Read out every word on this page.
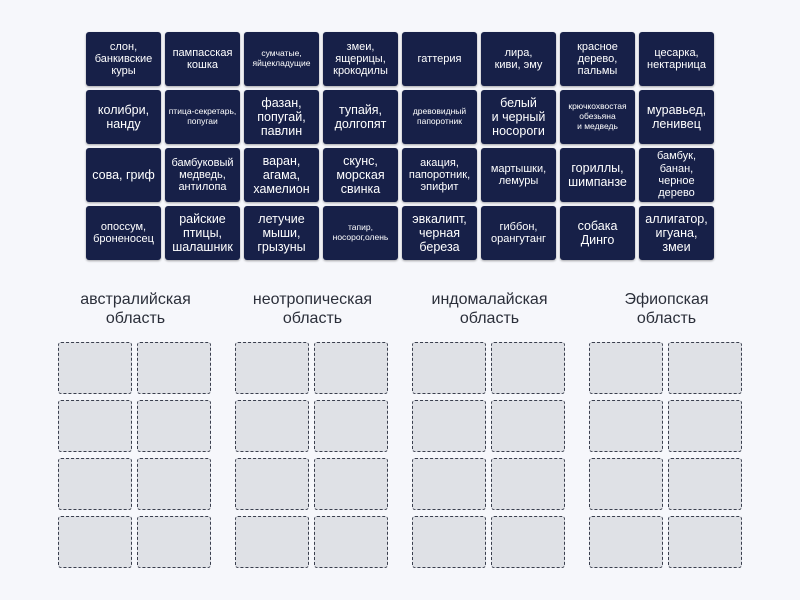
слон,
банкивские
куры
пампасская
кошка
сумчатые,
яйцекладущие
змеи,
ящерицы,
крокодилы
гаттерия
лира,
киви, эму
красное
дерево,
пальмы
цесарка,
нектарница
колибри,
нанду
птица-секретарь,
попугаи
фазан,
попугай,
павлин
тупайя,
долгопят
древовидный
папоротник
белый
и черный
носороги
крючкохвостая
обезьяна
и медведь
муравьед,
ленивец
сова, гриф
бамбуковый
медведь,
антилопа
варан,
агама,
хамелион
скунс,
морская
свинка
акация,
папоротник,
эпифит
мартышки,
лемуры
гориллы,
шимпанзе
бамбук,
банан,
черное
дерево
опоссум,
броненосец
райские
птицы,
шалашник
летучие
мыши,
грызуны
тапир,
носорог,олень
эвкалипт,
черная
береза
гиббон,
орангутанг
собака
Динго
аллигатор,
игуана,
змеи
австралийская
область
неотропическая
область
индомалайская
область
Эфиопская
область
